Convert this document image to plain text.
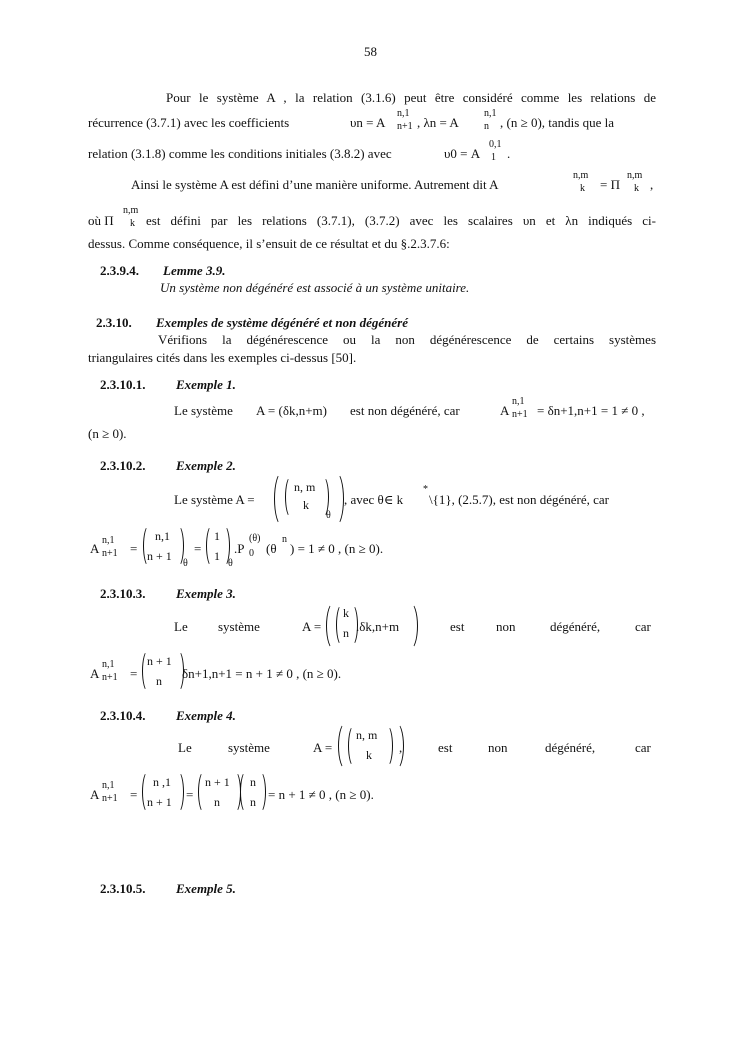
58
Pour le système A , la relation (3.1.6) peut être considéré comme les relations de
récurrence (3.7.1) avec les coefficients	υn = A
n,1
n+1 , λn = A
n,1
n , (n ≥ 0), tandis que la
relation (3.1.8) comme les conditions initiales (3.8.2) avec	υ0 = A
0,1
1 .
Ainsi le système A est défini d’une manière uniforme. Autrement dit A
n,m
k = Π
n,m
k ,
où Π
n,m
k est défini par les relations (3.7.1), (3.7.2) avec les scalaires υn et λn indiqués ci-
dessus. Comme conséquence, il s’ensuit de ce résultat et du §.2.3.7.6:
2.3.9.4. Lemme 3.9.
Un système non dégénéré est associé à un système unitaire.
2.3.10. Exemples de système dégénéré et non dégénéré
Vérifions la dégénérescence ou la non dégénérescence de certains systèmes
triangulaires cités dans les exemples ci-dessus [50].
2.3.10.1. Exemple 1.
Le système A = (δk,n+m) est non dégénéré, car	A
n,1
n+1 = δn+1,n+1 = 1 ≠ 0 ,
(n ≥ 0).
2.3.10.2. Exemple 2.
Le système A =
n, m
k
θ
, avec θ∈ k
*
\{1}, (2.5.7), est non dégénéré, car
A
n,1
n+1 =
n,1
n + 1
θ
=
1
1
θ
.P
(θ)
0 (θ
n
) = 1 ≠ 0 , (n ≥ 0).
2.3.10.3. Exemple 3.
Le système	A =
k
n .δk,n+m	est non	dégénéré,	car
A
n,1
n+1 =
n + 1
n δn+1,n+1 = n + 1 ≠ 0 , (n ≥ 0).
2.3.10.4. Exemple 4.
Le	système	A =
n, m
k ,	est	non	dégénéré,	car
A
n,1
n+1 =
n ,1
n + 1 =
n + 1
n
n
n = n + 1 ≠ 0 , (n ≥ 0).
2.3.10.5. Exemple 5.
